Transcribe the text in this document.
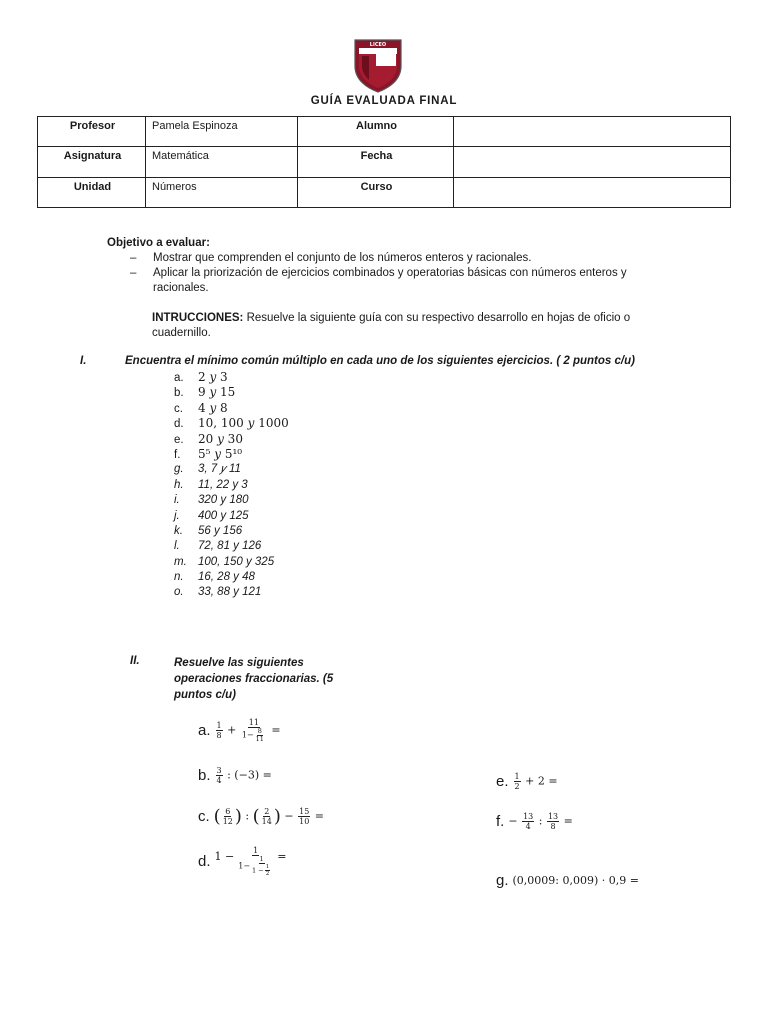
LICEO
GUÍA EVALUADA FINAL
Profesor	Pamela Espinoza	Alumno	
Asignatura	Matemática	Fecha	
Unidad	Números	Curso	
Objetivo a evaluar:
– Mostrar que comprenden el conjunto de los números enteros y racionales.
– Aplicar la priorización de ejercicios combinados y operatorias básicas con números enteros y racionales.
INTRUCCIONES: Resuelve la siguiente guía con su respectivo desarrollo en hojas de oficio o cuadernillo.
I.	Encuentra el mínimo común múltiplo en cada uno de los siguientes ejercicios. ( 2 puntos c/u)
a. 2 𝑦 3
b. 9 𝑦 15
c. 4 𝑦 8
d. 10, 100 𝑦 1000
e. 20 𝑦 30
f. 5⁵ 𝑦 5¹⁰
g. 3, 7 𝑦 11
h. 11, 22 y 3
i. 320 y 180
j. 400 y 125
k. 56 y 156
l. 72, 81 y 126
m. 100, 150 y 325
n. 16, 28 y 48
o. 33, 88 y 121
II.	Resuelve las siguientes operaciones fraccionarias. (5 puntos c/u)
a. $\frac{1}{8} + \frac{11}{1- \frac{8}{11}}$ =
b. $\frac{3}{4}$ : (−3) =
c. ( $\frac{6}{12}$ ) : ( $\frac{2}{14}$ ) − $\frac{15}{10}$ =
d. $1 - \frac{1}{1- \frac{1}{1 - \frac{1}{2}}}$ =
e. $\frac{1}{2} + 2$ =
f. − $\frac{13}{4}$ : $\frac{13}{8}$ =
g. (0,0009: 0,009) · 0,9 =
